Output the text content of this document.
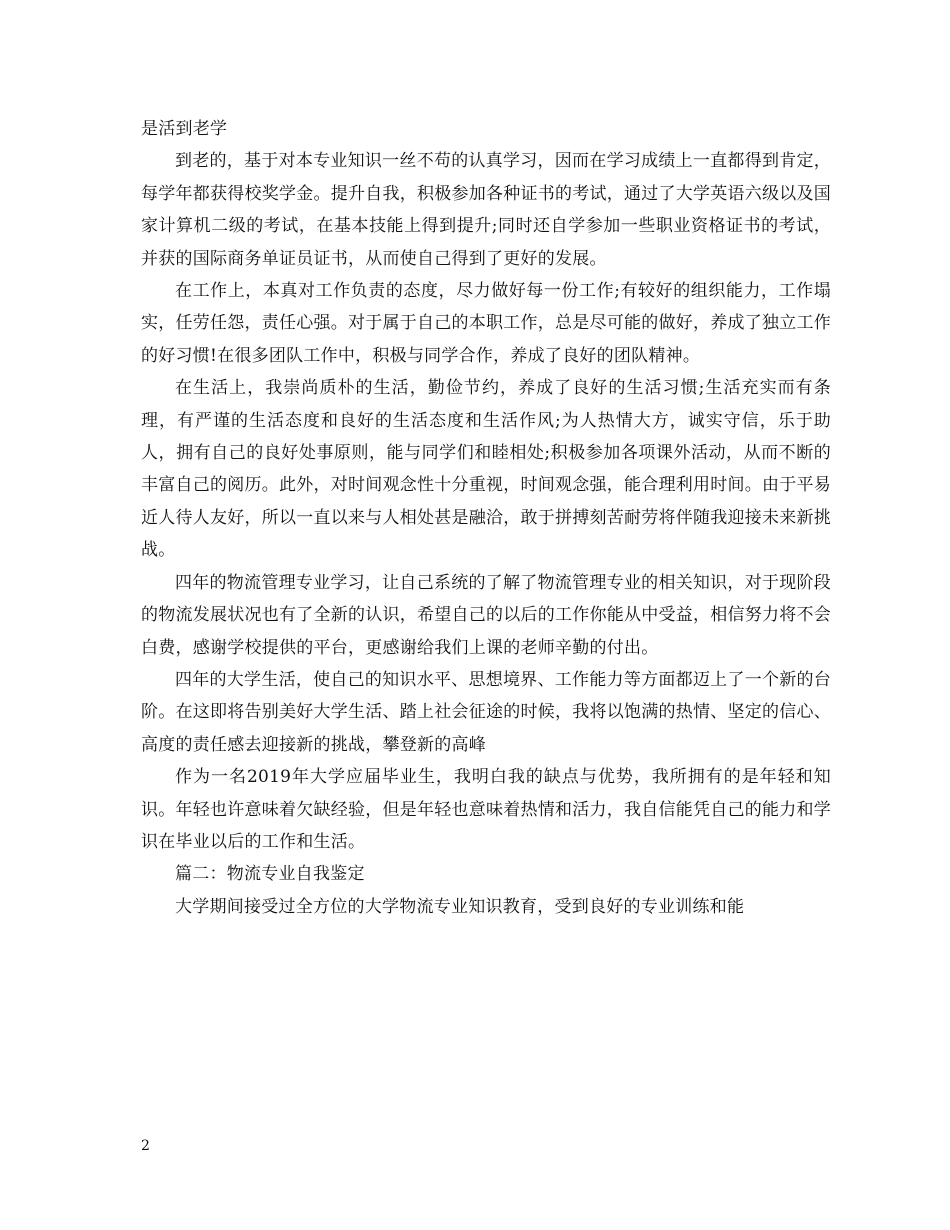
是活到老学

到老的，基于对本专业知识一丝不苟的认真学习，因而在学习成绩上一直都得到肯定，每学年都获得校奖学金。提升自我，积极参加各种证书的考试，通过了大学英语六级以及国家计算机二级的考试，在基本技能上得到提升;同时还自学参加一些职业资格证书的考试，并获的国际商务单证员证书，从而使自己得到了更好的发展。

在工作上，本真对工作负责的态度，尽力做好每一份工作;有较好的组织能力，工作塌实，任劳任怨，责任心强。对于属于自己的本职工作，总是尽可能的做好，养成了独立工作的好习惯!在很多团队工作中，积极与同学合作，养成了良好的团队精神。

在生活上，我崇尚质朴的生活，勤俭节约，养成了良好的生活习惯;生活充实而有条理，有严谨的生活态度和良好的生活态度和生活作风;为人热情大方，诚实守信，乐于助人，拥有自己的良好处事原则，能与同学们和睦相处;积极参加各项课外活动，从而不断的丰富自己的阅历。此外，对时间观念性十分重视，时间观念强，能合理利用时间。由于平易近人待人友好，所以一直以来与人相处甚是融洽，敢于拼搏刻苦耐劳将伴随我迎接未来新挑战。

四年的物流管理专业学习，让自己系统的了解了物流管理专业的相关知识，对于现阶段的物流发展状况也有了全新的认识，希望自己的以后的工作你能从中受益，相信努力将不会白费，感谢学校提供的平台，更感谢给我们上课的老师辛勤的付出。

四年的大学生活，使自己的知识水平、思想境界、工作能力等方面都迈上了一个新的台阶。在这即将告别美好大学生活、踏上社会征途的时候，我将以饱满的热情、坚定的信心、高度的责任感去迎接新的挑战，攀登新的高峰

作为一名2019年大学应届毕业生，我明白我的缺点与优势，我所拥有的是年轻和知识。年轻也许意味着欠缺经验，但是年轻也意味着热情和活力，我自信能凭自己的能力和学识在毕业以后的工作和生活。

篇二：物流专业自我鉴定

大学期间接受过全方位的大学物流专业知识教育，受到良好的专业训练和能

2
